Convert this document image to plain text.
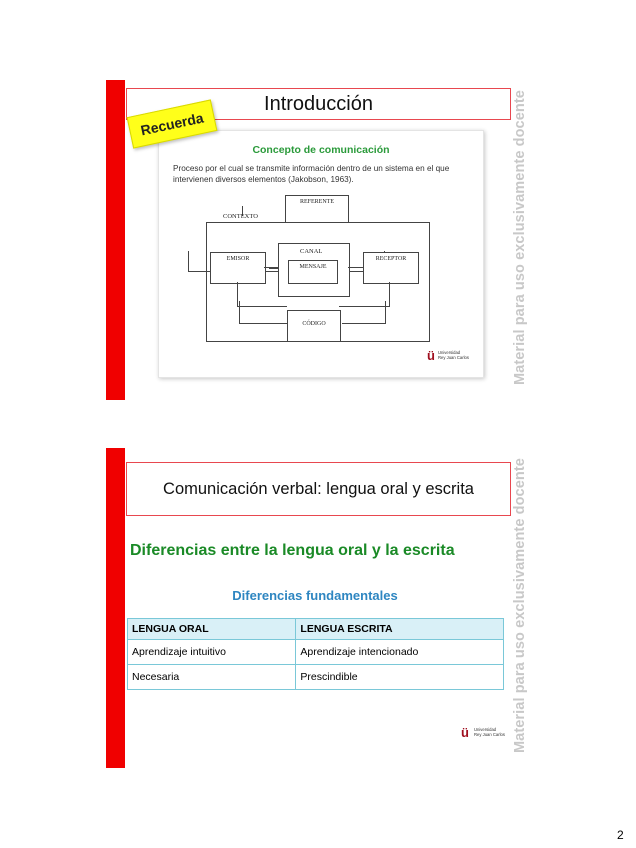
Introducción
Concepto de comunicación
Proceso por el cual se transmite información dentro de un sistema en el que intervienen diversos elementos (Jakobson, 1963).
CONTEXTO
REFERENTE
CANAL
MENSAJE
EMISOR	RECEPTOR
CÓDIGO
ü Universidad
Rey Juan Carlos
Recuerda	Material para uso exclusivamente docente
Comunicación verbal: lengua oral y escrita
Diferencias entre la lengua oral y la escrita
Diferencias fundamentales
LENGUA ORAL	LENGUA ESCRITA
Aprendizaje intuitivo	Aprendizaje intencionado
Necesaria	Prescindible
ü Universidad
Rey Juan Carlos Material para uso exclusivamente docente
2
